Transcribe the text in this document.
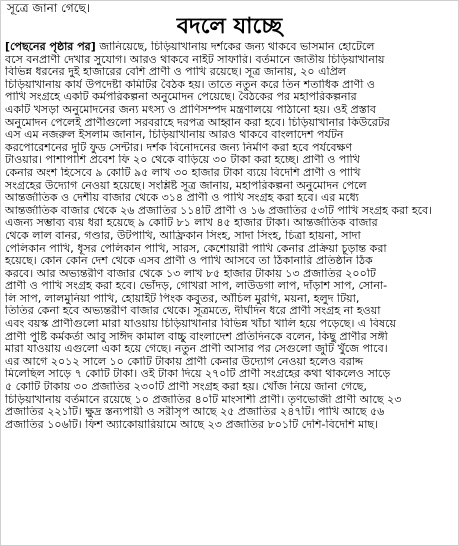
সূত্রে জানা গেছে।
বদলে যাচ্ছে
[পেছনের পৃষ্ঠার পর] জানিয়েছে, চিড়িয়াখানায় দর্শকের জন্য থাকবে ভাসমান হোটেলে
বসে বনপ্রাণী দেখার সুযোগ। আরও থাকবে নাইট সাফারি। বর্তমানে জাতীয় চিড়িয়াখানায়
বিভিন্ন ধরনের দুই হাজারের বেশি প্রাণী ও পাখি রয়েছে। সূত্র জানায়, ২০ এপ্রিল
চিড়িয়াখানায় কার্য উপদেষ্টা কমিটির বৈঠক হয়। তাতে নতুন করে তিন শতাধিক প্রাণী ও
পাখি সংগ্রহে একটি কর্মপরিকল্পনা অনুমোদন পেয়েছে। বৈঠকের পর মহাপরিকল্পনার
একটি খসড়া অনুমোদনের জন্য মৎস্য ও প্রাণিসম্পদ মন্ত্রণালয়ে পাঠানো হয়। ওই প্রস্তাব
অনুমোদন পেলেই প্রাণীগুলো সরবরাহে দরপত্র আহ্বান করা হবে। চিড়িয়াখানার কিউরেটর
এস এম নজরুল ইসলাম জানান, চিড়িয়াখানায় আরও থাকবে বাংলাদেশ পর্যটন
করপোরেশনের দুটি ফুড সেন্টার। দর্শক বিনোদনের জন্য নির্মাণ করা হবে পর্যবেক্ষণ
টাওয়ার। পাশাপাশি প্রবেশ ফি ২০ থেকে বাড়িয়ে ৩০ টাকা করা হচ্ছে। প্রাণী ও পাখি
কেনার অংশ হিসেবে ৯ কোটি ৯৫ লাখ ৩০ হাজার টাকা ব্যয়ে বিদেশি প্রাণী ও পাখি
সংগ্রহের উদ্যোগ নেওয়া হয়েছে। সংশ্লিষ্ট সূত্র জানায়, মহাপরিকল্পনা অনুমোদন পেলে
আন্তর্জাতিক ও দেশীয় বাজার থেকে ৩১৪ প্রাণী ও পাখি সংগ্রহ করা হবে। এর মধ্যে
আন্তর্জাতিক বাজার থেকে ২৬ প্রজাতির ১১৪টি প্রাণী ও ১৬ প্রজাতির ৫৩টি পাখি সংগ্রহ করা হবে।
এজন্য সম্ভাব্য ব্যয় ধরা হয়েছে ৯ কোটি ৮১ লাখ ৪৫ হাজার টাকা। আন্তর্জাতিক বাজার
থেকে লাল বানর, গণ্ডার, উটপাখি, আফ্রিকান সিংহ, সাদা সিংহ, চিত্রা হায়না, সাদা
পেলিকান পাখি, ধূসর পেলিকান পাখি, সারস, কেশোয়ারী পাখি কেনার প্রক্রিয়া চূড়ান্ত করা
হয়েছে। কোন কোন দেশ থেকে এসব প্রাণী ও পাখি আসবে তা ঠিকানারি প্রতিষ্ঠান ঠিক
করবে। আর অভ্যন্তরীণ বাজার থেকে ১৩ লাখ ৮৫ হাজার টাকায় ১৩ প্রজাতির ২০০টি
প্রাণী ও পাখি সংগ্রহ করা হবে। ভোঁদড়, গোখরা সাপ, লাউডগা লাপ, দাঁড়াশ সাপ, সোনা-
লি সাপ, লালমুনিয়া পাখি, হোয়াইট পিংক কবুতর, আঁচিল মুরগি, ময়না, হলুদ টিয়া,
তিতির কেনা হবে অভ্যন্তরীণ বাজার থেকে। সূত্রমতে, দীর্ঘদিন ধরে প্রাণী সংগ্রহ না হওয়া
এবং বয়স্ক প্রাণীগুলো মারা যাওয়ায় চিড়িয়াখানার বিভিন্ন খাঁচা খালি হয়ে পড়েছে। এ বিষয়ে
প্রাণী পুষ্টি কর্মকর্তা আবু সাঈদ কামাল বাচ্চু বাংলাদেশ প্রতিদিনকে বলেন, কিছু প্রাণীর সঙ্গী
মারা যাওয়ায় এগুলো একা হয়ে গেছে। নতুন প্রাণী আসার পর সেগুলো জুটি খুঁজে পাবে।
এর আগে ২০১২ সালে ১০ কোটি টাকায় প্রাণী কেনার উদ্যোগ নেওয়া হলেও বরাদ্দ
মিলেছিল সাড়ে ৭ কোটি টাকা। ওই টাকা দিয়ে ২৭০টি প্রাণী সংগ্রহের কথা থাকলেও সাড়ে
৫ কোটি টাকায় ৩০ প্রজাতির ২৩০টি প্রাণী সংগ্রহ করা হয়। খোঁজ নিয়ে জানা গেছে,
চিড়িয়াখানায় বর্তমানে রয়েছে ১০ প্রজাতির ৪০টি মাংসাশী প্রাণী। তৃণভোজী প্রাণী আছে ২৩
প্রজাতির ২২১টি। ক্ষুদ্র স্তন্যপায়ী ও সরীসৃপ আছে ২৫ প্রজাতির ২৪৭টি। পাখি আছে ৫৬
প্রজাতির ১০৬টি। ফিশ অ্যাকোয়ারিয়ামে আছে ২৩ প্রজাতির ৮০১টি দেশি-বিদেশি মাছ।
